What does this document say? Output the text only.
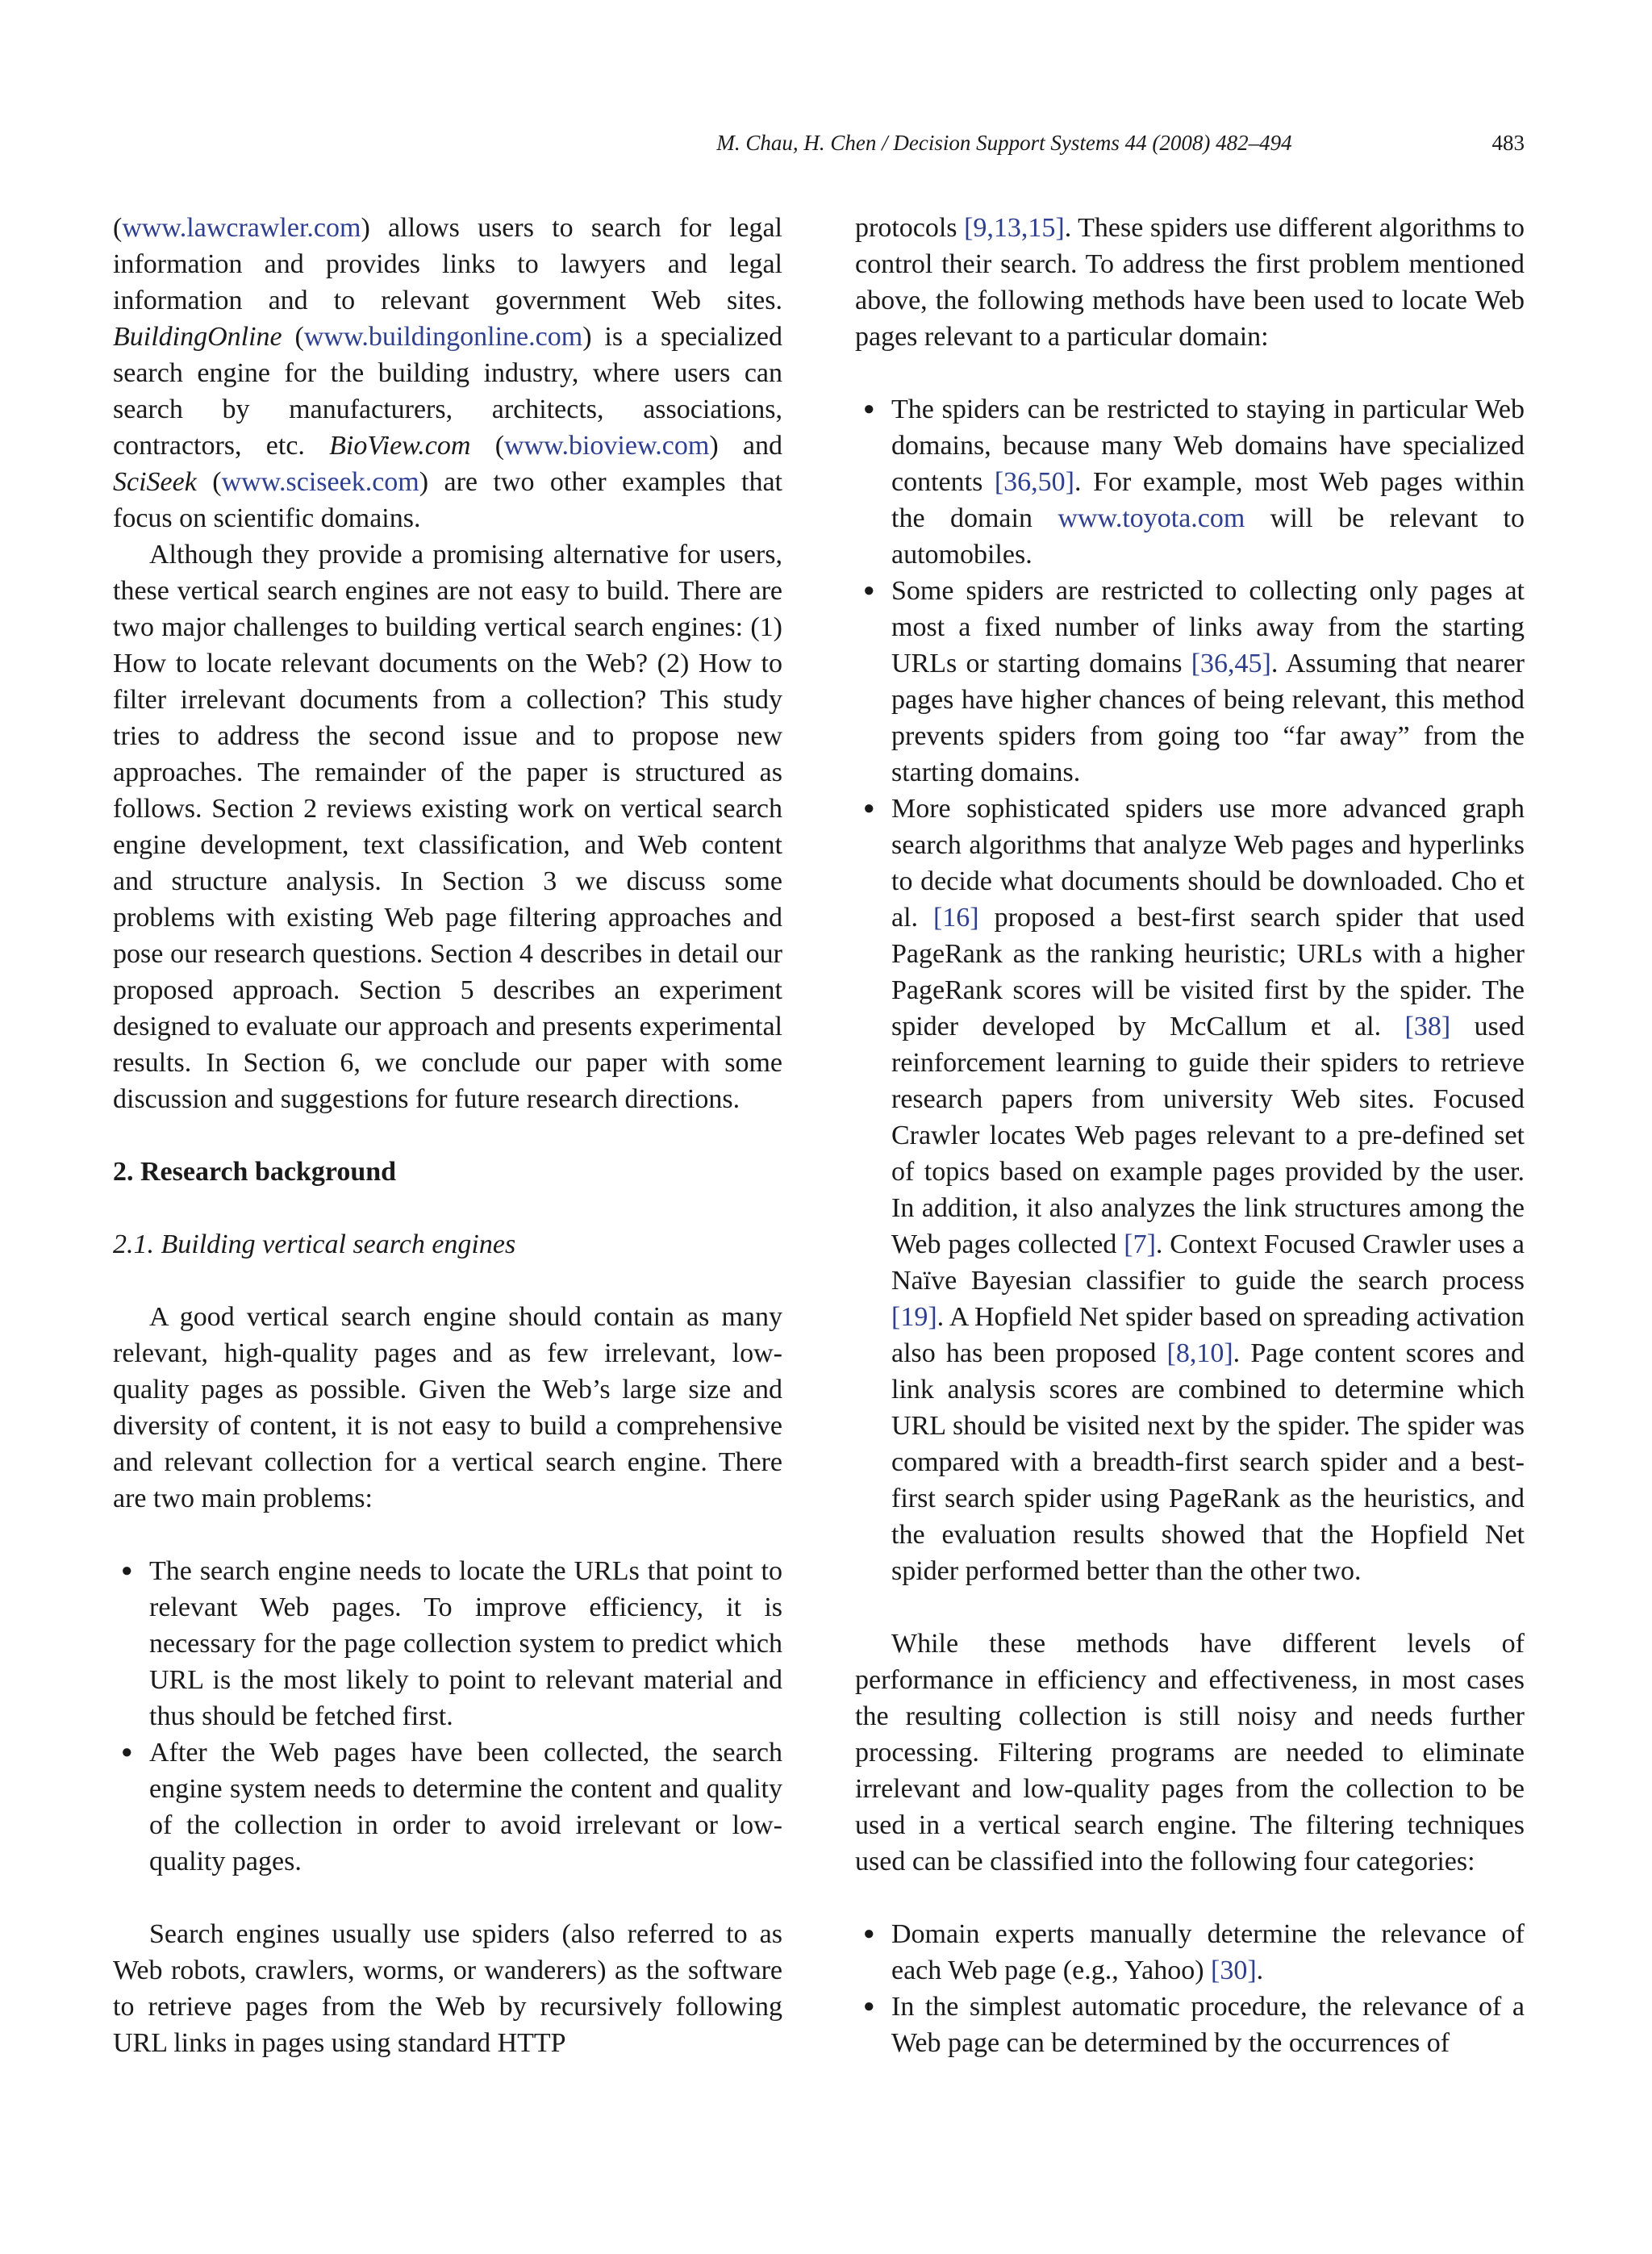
M. Chau, H. Chen / Decision Support Systems 44 (2008) 482–494	483

(www.lawcrawler.com) allows users to search for legal information and provides links to lawyers and legal information and to relevant government Web sites. BuildingOnline (www.buildingonline.com) is a specialized search engine for the building industry, where users can search by manufacturers, architects, associations, contractors, etc. BioView.com (www.bioview.com) and SciSeek (www.sciseek.com) are two other examples that focus on scientific domains.

Although they provide a promising alternative for users, these vertical search engines are not easy to build. There are two major challenges to building vertical search engines: (1) How to locate relevant documents on the Web? (2) How to filter irrelevant documents from a collection? This study tries to address the second issue and to propose new approaches. The remainder of the paper is structured as follows. Section 2 reviews existing work on vertical search engine development, text classification, and Web content and structure analysis. In Section 3 we discuss some problems with existing Web page filtering approaches and pose our research questions. Section 4 describes in detail our proposed approach. Section 5 describes an experiment designed to evaluate our approach and presents experimental results. In Section 6, we conclude our paper with some discussion and suggestions for future research directions.

2. Research background
2.1. Building vertical search engines

A good vertical search engine should contain as many relevant, high-quality pages and as few irrelevant, low-quality pages as possible. Given the Web’s large size and diversity of content, it is not easy to build a comprehensive and relevant collection for a vertical search engine. There are two main problems:

● The search engine needs to locate the URLs that point to relevant Web pages. To improve efficiency, it is necessary for the page collection system to predict which URL is the most likely to point to relevant material and thus should be fetched first.
● After the Web pages have been collected, the search engine system needs to determine the content and quality of the collection in order to avoid irrelevant or low-quality pages.

Search engines usually use spiders (also referred to as Web robots, crawlers, worms, or wanderers) as the software to retrieve pages from the Web by recursively following URL links in pages using standard HTTP

protocols [9,13,15]. These spiders use different algorithms to control their search. To address the first problem mentioned above, the following methods have been used to locate Web pages relevant to a particular domain:

● The spiders can be restricted to staying in particular Web domains, because many Web domains have specialized contents [36,50]. For example, most Web pages within the domain www.toyota.com will be relevant to automobiles.
● Some spiders are restricted to collecting only pages at most a fixed number of links away from the starting URLs or starting domains [36,45]. Assuming that nearer pages have higher chances of being relevant, this method prevents spiders from going too “far away” from the starting domains.
● More sophisticated spiders use more advanced graph search algorithms that analyze Web pages and hyperlinks to decide what documents should be downloaded. Cho et al. [16] proposed a best-first search spider that used PageRank as the ranking heuristic; URLs with a higher PageRank scores will be visited first by the spider. The spider developed by McCallum et al. [38] used reinforcement learning to guide their spiders to retrieve research papers from university Web sites. Focused Crawler locates Web pages relevant to a pre-defined set of topics based on example pages provided by the user. In addition, it also analyzes the link structures among the Web pages collected [7]. Context Focused Crawler uses a Naïve Bayesian classifier to guide the search process [19]. A Hopfield Net spider based on spreading activation also has been proposed [8,10]. Page content scores and link analysis scores are combined to determine which URL should be visited next by the spider. The spider was compared with a breadth-first search spider and a best-first search spider using PageRank as the heuristics, and the evaluation results showed that the Hopfield Net spider performed better than the other two.

While these methods have different levels of performance in efficiency and effectiveness, in most cases the resulting collection is still noisy and needs further processing. Filtering programs are needed to eliminate irrelevant and low-quality pages from the collection to be used in a vertical search engine. The filtering techniques used can be classified into the following four categories:

● Domain experts manually determine the relevance of each Web page (e.g., Yahoo) [30].
● In the simplest automatic procedure, the relevance of a Web page can be determined by the occurrences of
